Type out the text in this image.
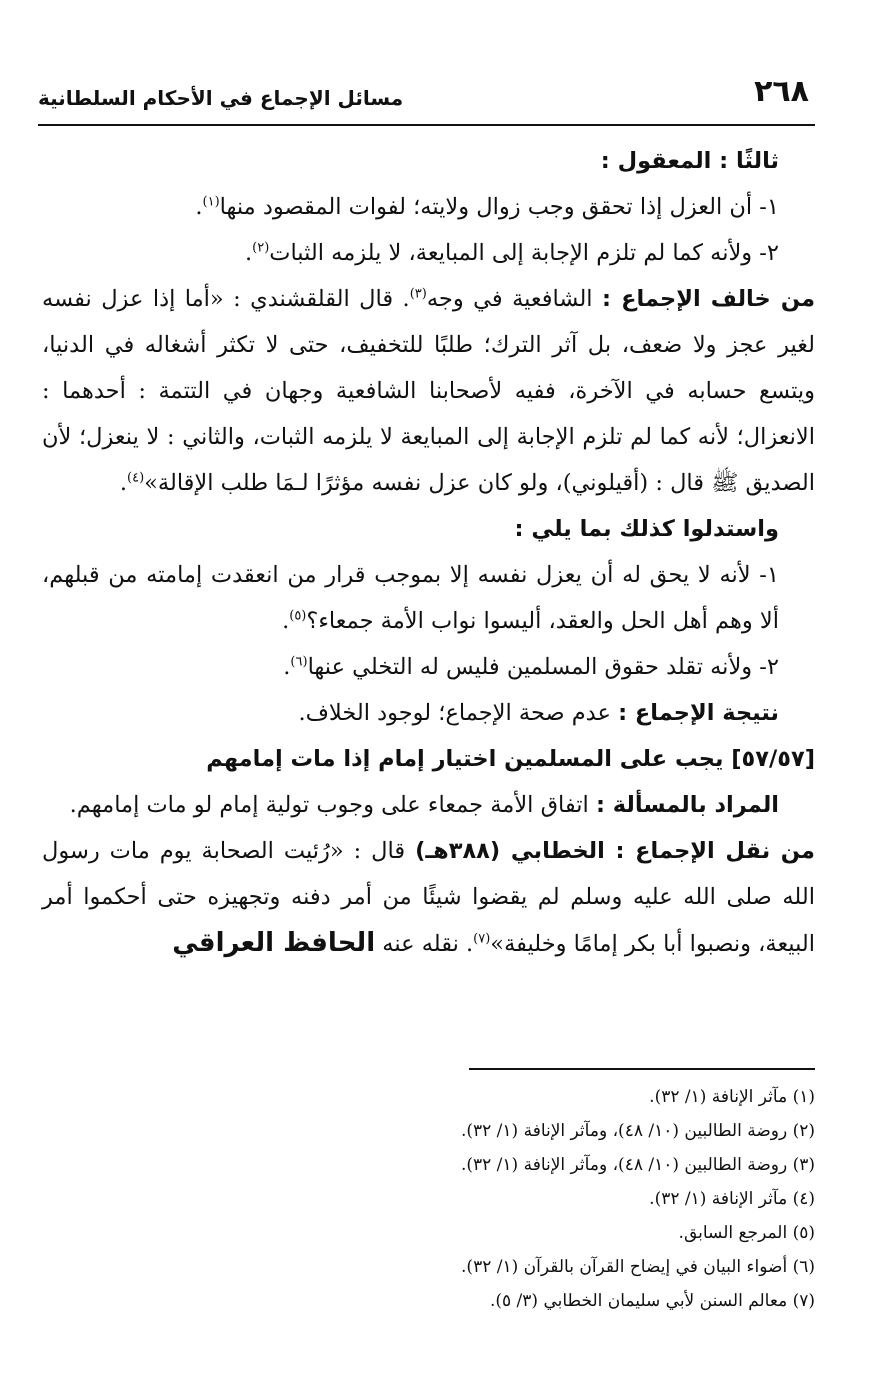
٢٦٨
مسائل الإجماع في الأحكام السلطانية

ثالثًا : المعقول :

١- أن العزل إذا تحقق وجب زوال ولايته؛ لفوات المقصود منها$^{(١)}$.

٢- ولأنه كما لم تلزم الإجابة إلى المبايعة، لا يلزمه الثبات$^{(٢)}$.

من خالف الإجماع : الشافعية في وجه$^{(٣)}$. قال القلقشندي : «أما إذا عزل نفسه لغير عجز ولا ضعف، بل آثر الترك؛ طلبًا للتخفيف، حتى لا تكثر أشغاله في الدنيا، ويتسع حسابه في الآخرة، ففيه لأصحابنا الشافعية وجهان في التتمة : أحدهما : الانعزال؛ لأنه كما لم تلزم الإجابة إلى المبايعة لا يلزمه الثبات، والثاني : لا ينعزل؛ لأن الصديق ﷺ قال : (أقيلوني)، ولو كان عزل نفسه مؤثرًا لـمَا طلب الإقالة»$^{(٤)}$.

واستدلوا كذلك بما يلي :

١- لأنه لا يحق له أن يعزل نفسه إلا بموجب قرار من انعقدت إمامته من قبلهم، ألا وهم أهل الحل والعقد، أليسوا نواب الأمة جمعاء؟$^{(٥)}$.

٢- ولأنه تقلد حقوق المسلمين فليس له التخلي عنها$^{(٦)}$.

نتيجة الإجماع : عدم صحة الإجماع؛ لوجود الخلاف.

[٥٧/٥٧] يجب على المسلمين اختيار إمام إذا مات إمامهم

المراد بالمسألة : اتفاق الأمة جمعاء على وجوب تولية إمام لو مات إمامهم.

من نقل الإجماع : الخطابي (٣٨٨هـ) قال : «رُئيت الصحابة يوم مات رسول الله صلى الله عليه وسلم لم يقضوا شيئًا من أمر دفنه وتجهيزه حتى أحكموا أمر البيعة، ونصبوا أبا بكر إمامًا وخليفة»$^{(٧)}$. نقله عنه الحافظ العراقي

(١) مآثر الإنافة (١/ ٣٢).

(٢) روضة الطالبين (١٠/ ٤٨)، ومآثر الإنافة (١/ ٣٢).

(٣) روضة الطالبين (١٠/ ٤٨)، ومآثر الإنافة (١/ ٣٢).

(٤) مآثر الإنافة (١/ ٣٢).

(٥) المرجع السابق.

(٦) أضواء البيان في إيضاح القرآن بالقرآن (١/ ٣٢).

(٧) معالم السنن لأبي سليمان الخطابي (٣/ ٥).
